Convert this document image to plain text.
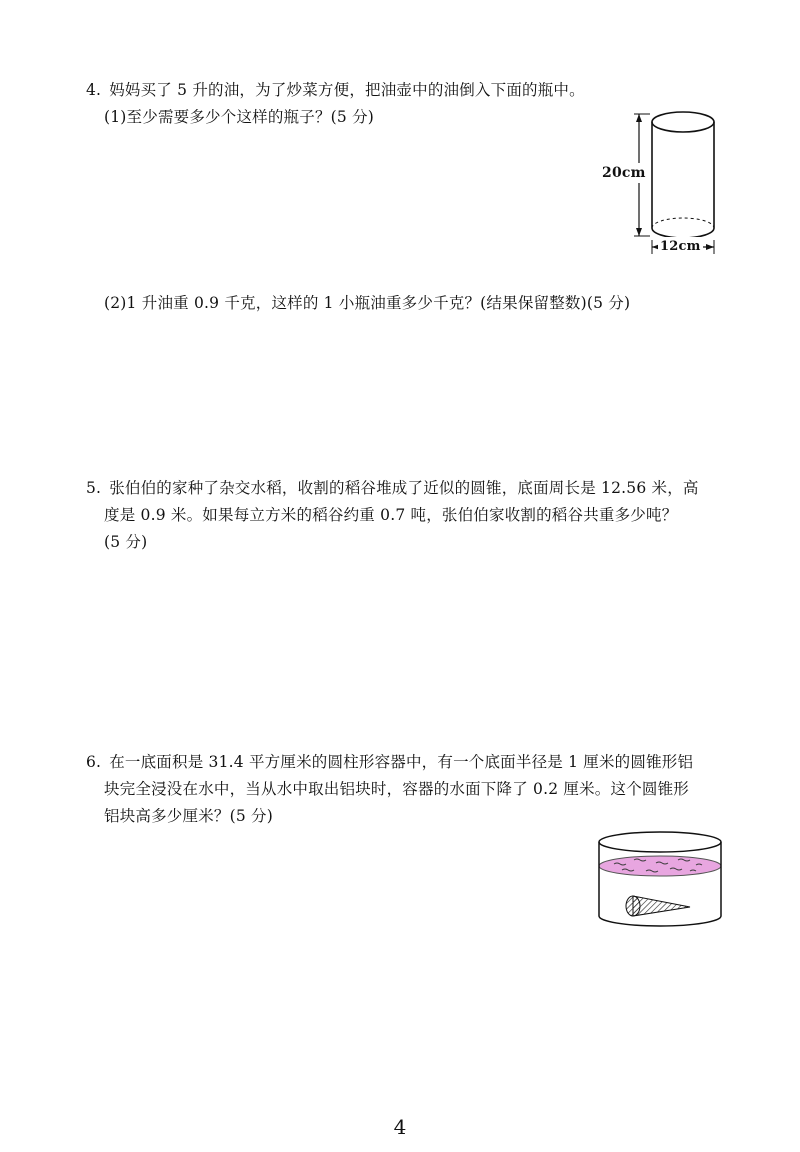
4. 妈妈买了 5 升的油，为了炒菜方便，把油壶中的油倒入下面的瓶中。
(1)至少需要多少个这样的瓶子？(5 分)
20cm
12cm
(2)1 升油重 0.9 千克，这样的 1 小瓶油重多少千克？(结果保留整数)(5 分)
5. 张伯伯的家种了杂交水稻，收割的稻谷堆成了近似的圆锥，底面周长是 12.56 米，高
度是 0.9 米。如果每立方米的稻谷约重 0.7 吨，张伯伯家收割的稻谷共重多少吨？
(5 分)
6. 在一底面积是 31.4 平方厘米的圆柱形容器中，有一个底面半径是 1 厘米的圆锥形铝
块完全浸没在水中，当从水中取出铝块时，容器的水面下降了 0.2 厘米。这个圆锥形
铝块高多少厘米？(5 分)
4
